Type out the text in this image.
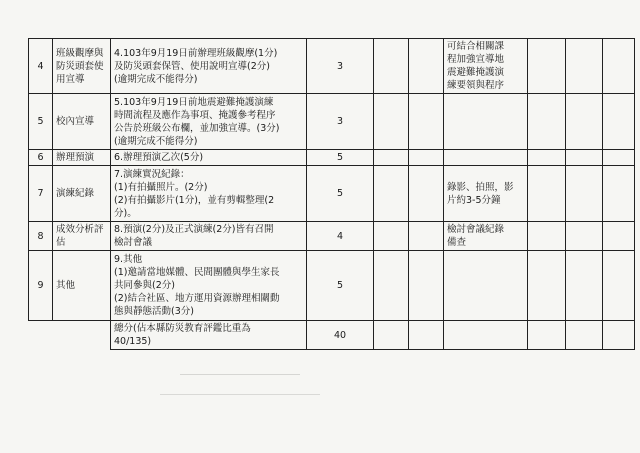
4	班級觀摩與
防災頭套使
用宣導	4.103年9月19日前辦理班級觀摩(1分)
及防災頭套保管、使用說明宣導(2分)
(逾期完成不能得分)	3			可結合相關課
程加強宣導地
震避難掩護演
練要領與程序			

5	校內宣導	5.103年9月19日前地震避難掩護演練
時間流程及應作為事項、掩護參考程序
公告於班級公布欄，並加強宣導。(3分)
(逾期完成不能得分)	3						
6	辦理預演	6.辦理預演乙次(5分)	5						
7	演練紀錄	7.演練實況紀錄：
(1)有拍攝照片。(2分)
(2)有拍攝影片(1分)，並有剪輯整理(2
分)。	5			錄影、拍照，影
片約3-5分鐘			

8	成效分析評
估	8.預演(2分)及正式演練(2分)皆有召開
檢討會議	4			檢討會議紀錄
備查			

9	其他	9.其他
(1)邀請當地媒體、民間團體與學生家長
共同參與(2分)
(2)結合社區、地方運用資源辦理相關動
態與靜態活動(3分)	5						

		總分(佔本縣防災教育評鑑比重為
40/135)	40						
